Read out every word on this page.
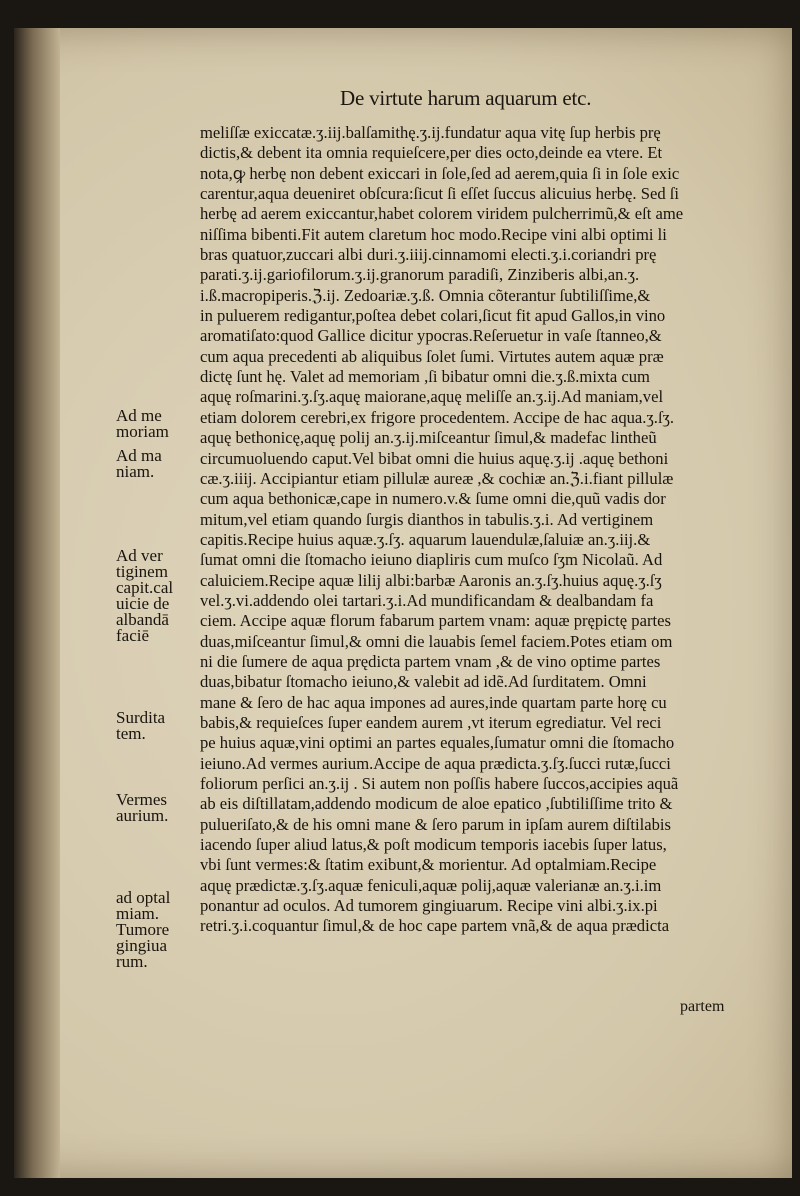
De virtute harum aquarum etc.
meliſſæ exiccatæ.ʒ.iij.balſamithę.ʒ.ij.fundatur aqua vitę ſup herbis prę
dictis,& debent ita omnia requieſcere,per dies octo,deinde ea vtere. Et
nota,ꝙ herbę non debent exiccari in ſole,ſed ad aerem,quia ſi in ſole exic
carentur,aqua deueniret obſcura:ſicut ſi eſſet ſuccus alicuius herbę. Sed ſi
herbę ad aerem exiccantur,habet colorem viridem pulcherrimũ,& eſt ame
niſſima bibenti.Fit autem claretum hoc modo.Recipe vini albi optimi li
bras quatuor,zuccari albi duri.ʒ.iiij.cinnamomi electi.ʒ.i.coriandri prę
parati.ʒ.ij.gariofilorum.ʒ.ij.granorum paradiſi, Zinziberis albi,an.ʒ.
i.ß.macropiperis.ℨ.ij. Zedoariæ.ʒ.ß. Omnia cõterantur ſubtiliſſime,&
in puluerem redigantur,poſtea debet colari,ſicut fit apud Gallos,in vino
aromatiſato:quod Gallice dicitur ypocras.Reſeruetur in vaſe ſtanneo,&
cum aqua precedenti ab aliquibus ſolet ſumi. Virtutes autem aquæ præ
dictę ſunt hę. Valet ad memoriam ,ſi bibatur omni die.ʒ.ß.mixta cum
aquę roſmarini.ʒ.ſʒ.aquę maiorane,aquę meliſſe an.ʒ.ij.Ad maniam,vel
etiam dolorem cerebri,ex frigore procedentem. Accipe de hac aqua.ʒ.ſʒ.
aquę bethonicę,aquę polij an.ʒ.ij.miſceantur ſimul,& madefac lintheũ
circumuoluendo caput.Vel bibat omni die huius aquę.ʒ.ij .aquę bethoni
cæ.ʒ.iiij. Accipiantur etiam pillulæ aureæ ,& cochiæ an.ℨ.i.fiant pillulæ
cum aqua bethonicæ,cape in numero.v.& ſume omni die,quũ vadis dor
mitum,vel etiam quando ſurgis dianthos in tabulis.ʒ.i. Ad vertiginem
capitis.Recipe huius aquæ.ʒ.ſʒ. aquarum lauendulæ,ſaluiæ an.ʒ.iij.&
ſumat omni die ſtomacho ieiuno diapliris cum muſco ſʒm Nicolaũ. Ad
caluiciem.Recipe aquæ lilij albi:barbæ Aaronis an.ʒ.ſʒ.huius aquę.ʒ.ſʒ
vel.ʒ.vi.addendo olei tartari.ʒ.i.Ad mundificandam & dealbandam fa
ciem. Accipe aquæ florum fabarum partem vnam: aquæ prępictę partes
duas,miſceantur ſimul,& omni die lauabis ſemel faciem.Potes etiam om
ni die ſumere de aqua prędicta partem vnam ,& de vino optime partes
duas,bibatur ſtomacho ieiuno,& valebit ad idẽ.Ad ſurditatem. Omni
mane & ſero de hac aqua impones ad aures,inde quartam parte horę cu
babis,& requieſces ſuper eandem aurem ,vt iterum egrediatur. Vel reci
pe huius aquæ,vini optimi an partes equales,ſumatur omni die ſtomacho
ieiuno.Ad vermes aurium.Accipe de aqua prædicta.ʒ.ſʒ.ſucci rutæ,ſucci
foliorum perſici an.ʒ.ij . Si autem non poſſis habere ſuccos,accipies aquã
ab eis diſtillatam,addendo modicum de aloe epatico ,ſubtiliſſime trito &
pulueriſato,& de his omni mane & ſero parum in ipſam aurem diſtilabis
iacendo ſuper aliud latus,& poſt modicum temporis iacebis ſuper latus,
vbi ſunt vermes:& ſtatim exibunt,& morientur. Ad optalmiam.Recipe
aquę prædictæ.ʒ.ſʒ.aquæ feniculi,aquæ polij,aquæ valerianæ an.ʒ.i.im
ponantur ad oculos. Ad tumorem gingiuarum. Recipe vini albi.ʒ.ix.pi
retri.ʒ.i.coquantur ſimul,& de hoc cape partem vnã,& de aqua prædicta
Ad me
moriam
Ad ma
niam.
Ad ver
tiginem
capit.cal
uicie de
albandā
faciē
Surdita
tem.
Vermes
aurium.
ad optal
miam.
Tumore
gingiua
rum.
partem
